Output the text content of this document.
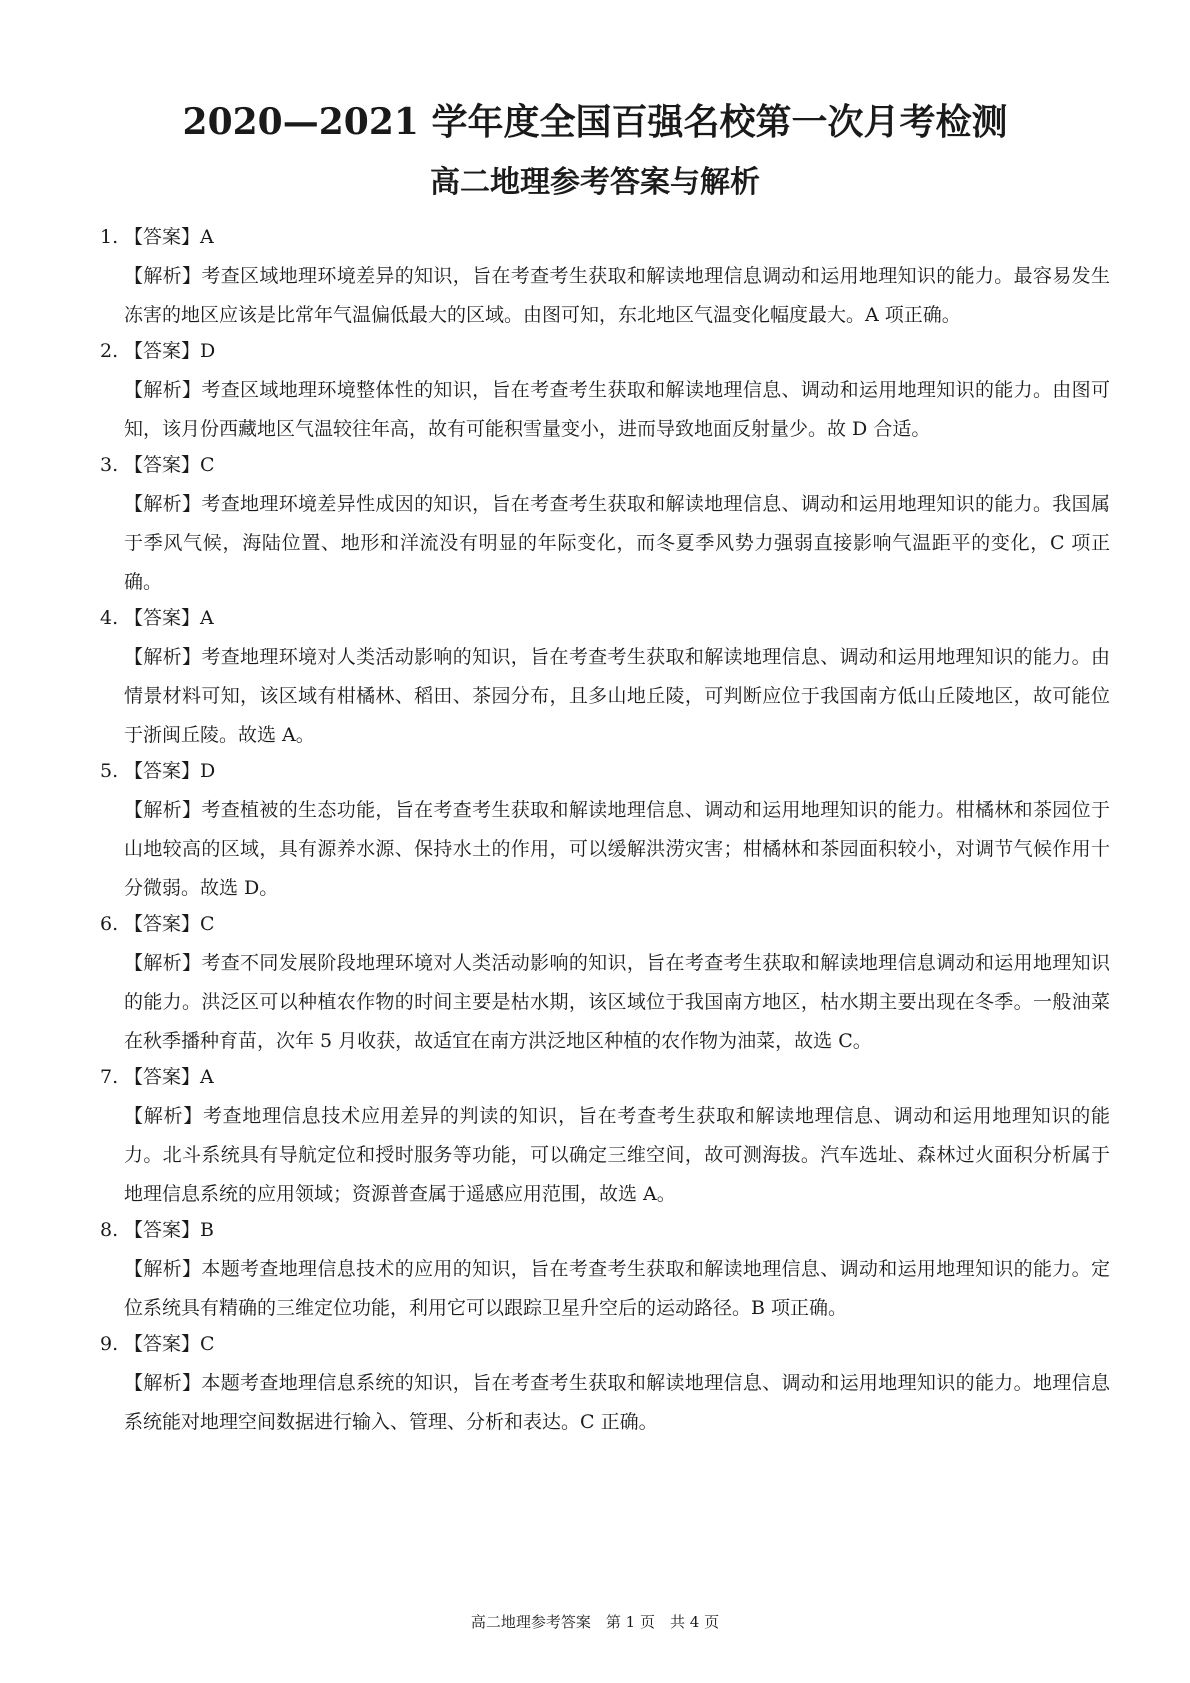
2020—2021 学年度全国百强名校第一次月考检测
高二地理参考答案与解析
1. 【答案】A

【解析】考查区域地理环境差异的知识，旨在考查考生获取和解读地理信息调动和运用地理知识的能力。最容易发生冻害的地区应该是比常年气温偏低最大的区域。由图可知，东北地区气温变化幅度最大。A 项正确。

2. 【答案】D

【解析】考查区域地理环境整体性的知识，旨在考查考生获取和解读地理信息、调动和运用地理知识的能力。由图可知，该月份西藏地区气温较往年高，故有可能积雪量变小，进而导致地面反射量少。故 D 合适。

3. 【答案】C

【解析】考查地理环境差异性成因的知识，旨在考查考生获取和解读地理信息、调动和运用地理知识的能力。我国属于季风气候，海陆位置、地形和洋流没有明显的年际变化，而冬夏季风势力强弱直接影响气温距平的变化，C 项正确。

4. 【答案】A

【解析】考查地理环境对人类活动影响的知识，旨在考查考生获取和解读地理信息、调动和运用地理知识的能力。由情景材料可知，该区域有柑橘林、稻田、茶园分布，且多山地丘陵，可判断应位于我国南方低山丘陵地区，故可能位于浙闽丘陵。故选 A。

5. 【答案】D

【解析】考查植被的生态功能，旨在考查考生获取和解读地理信息、调动和运用地理知识的能力。柑橘林和茶园位于山地较高的区域，具有源养水源、保持水土的作用，可以缓解洪涝灾害；柑橘林和茶园面积较小，对调节气候作用十分微弱。故选 D。

6. 【答案】C

【解析】考查不同发展阶段地理环境对人类活动影响的知识，旨在考查考生获取和解读地理信息调动和运用地理知识的能力。洪泛区可以种植农作物的时间主要是枯水期，该区域位于我国南方地区，枯水期主要出现在冬季。一般油菜在秋季播种育苗，次年 5 月收获，故适宜在南方洪泛地区种植的农作物为油菜，故选 C。

7. 【答案】A

【解析】考查地理信息技术应用差异的判读的知识，旨在考查考生获取和解读地理信息、调动和运用地理知识的能力。北斗系统具有导航定位和授时服务等功能，可以确定三维空间，故可测海拔。汽车选址、森林过火面积分析属于地理信息系统的应用领域；资源普查属于遥感应用范围，故选 A。

8. 【答案】B

【解析】本题考查地理信息技术的应用的知识，旨在考查考生获取和解读地理信息、调动和运用地理知识的能力。定位系统具有精确的三维定位功能，利用它可以跟踪卫星升空后的运动路径。B 项正确。

9. 【答案】C

【解析】本题考查地理信息系统的知识，旨在考查考生获取和解读地理信息、调动和运用地理知识的能力。地理信息系统能对地理空间数据进行输入、管理、分析和表达。C 正确。

高二地理参考答案　第 1 页　共 4 页
